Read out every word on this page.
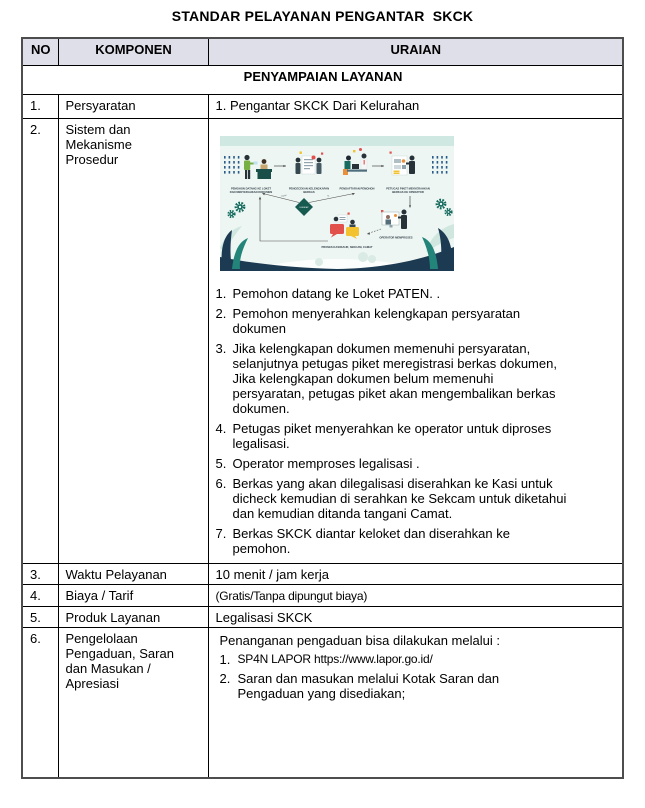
STANDAR PELAYANAN PENGANTAR  SKCK
NO	KOMPONEN	URAIAN
PENYAMPAIAN LAYANAN		
1.	Persyaratan	1. Pengantar SKCK Dari Kelurahan
2.	Sistem dan
Mekanisme
Prosedur	
LENGKAP
TIDAK	YA
PEMOHON DATANG KE LOKET
DAN MENYERAHKAN DOKUMEN
PENGECEKAN KELENGKAPAN
BERKAS
PENDAFTARAN PEMOHON	PETUGAS PIKET MENYERAHKAN
BERKAS KE OPERATOR
OPERATOR MEMPROSES
PROSES KASI/KAUR, SEKCAM, CAMAT
1. Pemohon datang ke Loket PATEN. .
2. Pemohon menyerahkan kelengkapan persyaratan
dokumen
3. Jika kelengkapan dokumen memenuhi persyaratan,
selanjutnya petugas piket meregistrasi berkas dokumen,
Jika kelengkapan dokumen belum memenuhi
persyaratan, petugas piket akan mengembalikan berkas
dokumen.
4. Petugas piket menyerahkan ke operator untuk diproses
legalisasi.
5. Operator memproses legalisasi .
6. Berkas yang akan dilegalisasi diserahkan ke Kasi untuk
dicheck kemudian di serahkan ke Sekcam untuk diketahui
dan kemudian ditanda tangani Camat.
7. Berkas SKCK diantar keloket dan diserahkan ke
pemohon.

3.	Waktu Pelayanan	10 menit / jam kerja
4.	Biaya / Tarif	(Gratis/Tanpa dipungut biaya)
5.	Produk Layanan	Legalisasi SKCK
6.	Pengelolaan
Pengaduan, Saran
dan Masukan /
Apresiasi	
Penanganan pengaduan bisa dilakukan melalui :
1. SP4N LAPOR https://www.lapor.go.id/
2. Saran dan masukan melalui Kotak Saran dan
Pengaduan yang disediakan;
